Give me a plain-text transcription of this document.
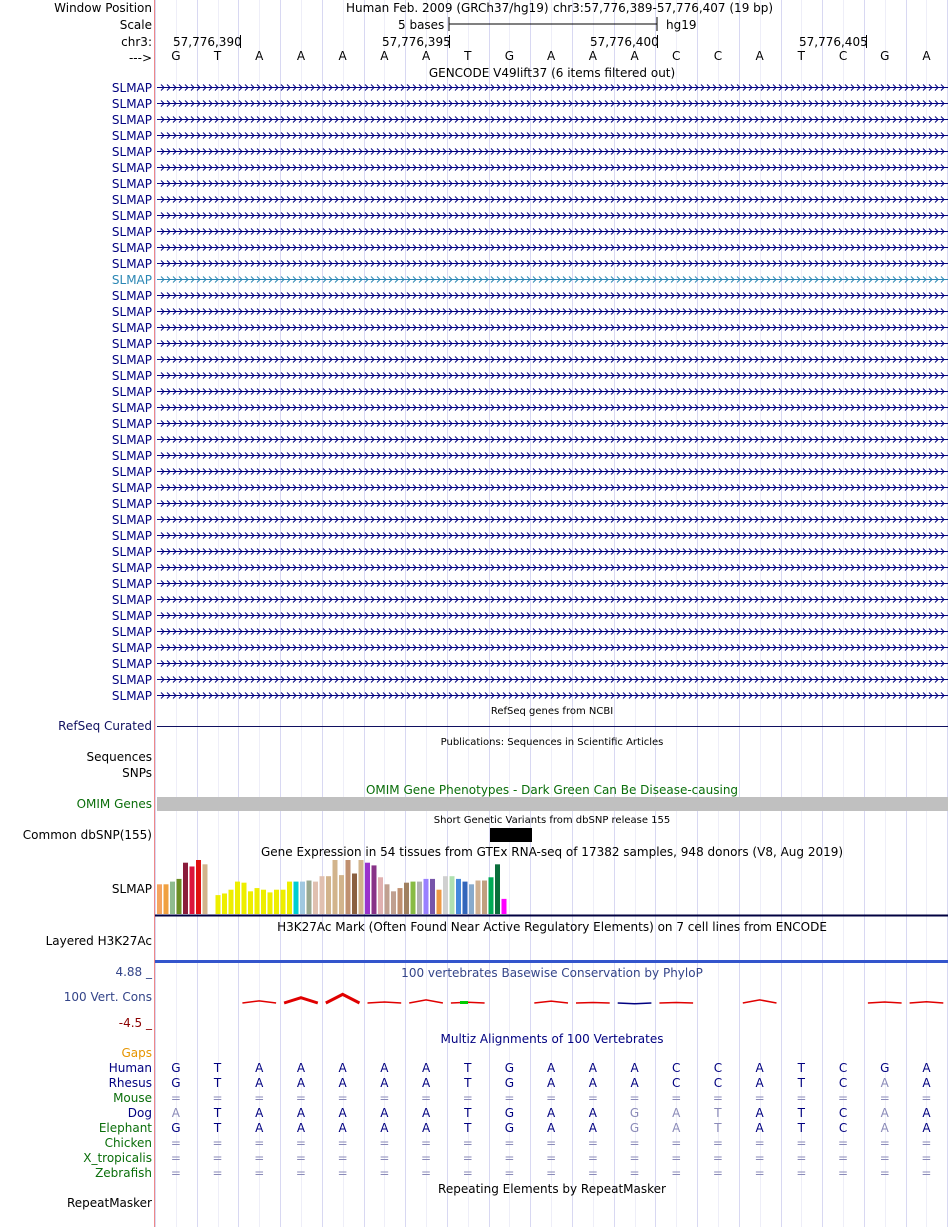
Window Position	Human Feb. 2009 (GRCh37/hg19) chr3:57,776,389-57,776,407 (19 bp)
Scale	5 bases	hg19
chr3: 57,776,390	57,776,395	57,776,400	57,776,405
---> G	T	A	A	A	A	A	T	G	A	A	A	C	C	A	T	C	G	A
GENCODE V49lift37 (6 items filtered out)
SLMAP
SLMAP
SLMAP
SLMAP
SLMAP
SLMAP
SLMAP
SLMAP
SLMAP
SLMAP
SLMAP
SLMAP
SLMAP
SLMAP
SLMAP
SLMAP
SLMAP
SLMAP
SLMAP
SLMAP
SLMAP
SLMAP
SLMAP
SLMAP
SLMAP
SLMAP
SLMAP
SLMAP
SLMAP
SLMAP
SLMAP
SLMAP
SLMAP
SLMAP
SLMAP
SLMAP
SLMAP
SLMAP
SLMAP
RefSeq genes from NCBI
RefSeq Curated
Publications: Sequences in Scientific Articles
Sequences
SNPs
OMIM Gene Phenotypes - Dark Green Can Be Disease-causing
OMIM Genes
Short Genetic Variants from dbSNP release 155
Common dbSNP(155)
Gene Expression in 54 tissues from GTEx RNA-seq of 17382 samples, 948 donors (V8, Aug 2019)
SLMAP
H3K27Ac Mark (Often Found Near Active Regulatory Elements) on 7 cell lines from ENCODE
Layered H3K27Ac
100 vertebrates Basewise Conservation by PhyloP
4.88 _
100 Vert. Cons
-4.5 _
Multiz Alignments of 100 Vertebrates
Gaps
Human G	T	A	A	A	A	A	T	G	A	A	A	C	C	A	T	C	G	A
Rhesus G	T	A	A	A	A	A	T	G	A	A	A	C	C	A	T	C	A	A
Mouse =	=	=	=	=	=	=	=	=	=	=	=	=	=	=	=	=	=	=
Dog A	T	A	A	A	A	A	T	G	A	A	G	A	T	A	T	C	A	A
Elephant G	T	A	A	A	A	A	T	G	A	A	G	A	T	A	T	C	A	A
Chicken =	=	=	=	=	=	=	=	=	=	=	=	=	=	=	=	=	=	=
X_tropicalis =	=	=	=	=	=	=	=	=	=	=	=	=	=	=	=	=	=	=
Zebrafish =	=	=	=	=	=	=	=	=	=	=	=	=	=	=	=	=	=	=
Repeating Elements by RepeatMasker
RepeatMasker
